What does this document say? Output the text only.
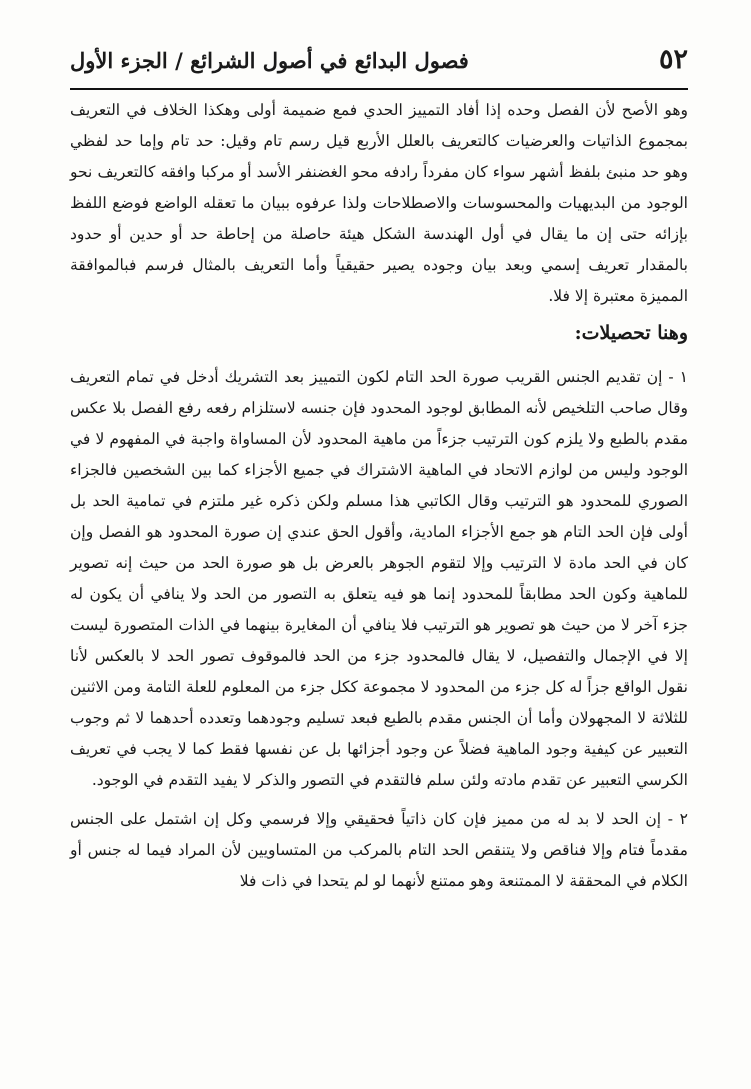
٥٢
فصول البدائع في أصول الشرائع / الجزء الأول

وهو الأصح لأن الفصل وحده إذا أفاد التمييز الحدي فمع ضميمة أولى وهكذا الخلاف في التعريف بمجموع الذاتيات والعرضيات كالتعريف بالعلل الأربع قيل رسم تام وقيل: حد تام وإما حد لفظي وهو حد منبئ بلفظ أشهر سواء كان مفرداً رادفه محو الغضنفر الأسد أو مركبا وافقه كالتعريف نحو الوجود من البديهيات والمحسوسات والاصطلاحات ولذا عرفوه ببيان ما تعقله الواضع فوضع اللفظ بإزائه حتى إن ما يقال في أول الهندسة الشكل هيئة حاصلة من إحاطة حد أو حدين أو حدود بالمقدار تعريف إسمي وبعد بيان وجوده يصير حقيقياً وأما التعريف بالمثال فرسم فبالموافقة المميزة معتبرة إلا فلا.

وهنا تحصيلات:

١ - إن تقديم الجنس القريب صورة الحد التام لكون التمييز بعد التشريك أدخل في تمام التعريف وقال صاحب التلخيص لأنه المطابق لوجود المحدود فإن جنسه لاستلزام رفعه رفع الفصل بلا عكس مقدم بالطبع ولا يلزم كون الترتيب جزءاً من ماهية المحدود لأن المساواة واجبة في المفهوم لا في الوجود وليس من لوازم الاتحاد في الماهية الاشتراك في جميع الأجزاء كما بين الشخصين فالجزاء الصوري للمحدود هو الترتيب وقال الكاتبي هذا مسلم ولكن ذكره غير ملتزم في تمامية الحد بل أولى فإن الحد التام هو جمع الأجزاء المادية، وأقول الحق عندي إن صورة المحدود هو الفصل وإن كان في الحد مادة لا الترتيب وإلا لتقوم الجوهر بالعرض بل هو صورة الحد من حيث إنه تصوير للماهية وكون الحد مطابقاً للمحدود إنما هو فيه يتعلق به التصور من الحد ولا ينافي أن يكون له جزء آخر لا من حيث هو تصوير هو الترتيب فلا ينافي أن المغايرة بينهما في الذات المتصورة ليست إلا في الإجمال والتفصيل، لا يقال فالمحدود جزء من الحد فالموقوف تصور الحد لا بالعكس لأنا نقول الواقع جزاً له كل جزء من المحدود لا مجموعة ككل جزء من المعلوم للعلة التامة ومن الاثنين للثلاثة لا المجهولان وأما أن الجنس مقدم بالطبع فبعد تسليم وجودهما وتعدده أحدهما لا ثم وجوب التعبير عن كيفية وجود الماهية فضلاً عن وجود أجزائها بل عن نفسها فقط كما لا يجب في تعريف الكرسي التعبير عن تقدم مادته ولئن سلم فالتقدم في التصور والذكر لا يفيد التقدم في الوجود.

٢ - إن الحد لا بد له من مميز فإن كان ذاتياً فحقيقي وإلا فرسمي وكل إن اشتمل على الجنس مقدماً فتام وإلا فناقص ولا يتنقص الحد التام بالمركب من المتساويين لأن المراد فيما له جنس أو الكلام في المحققة لا الممتنعة وهو ممتنع لأنهما لو لم يتحدا في ذات فلا
